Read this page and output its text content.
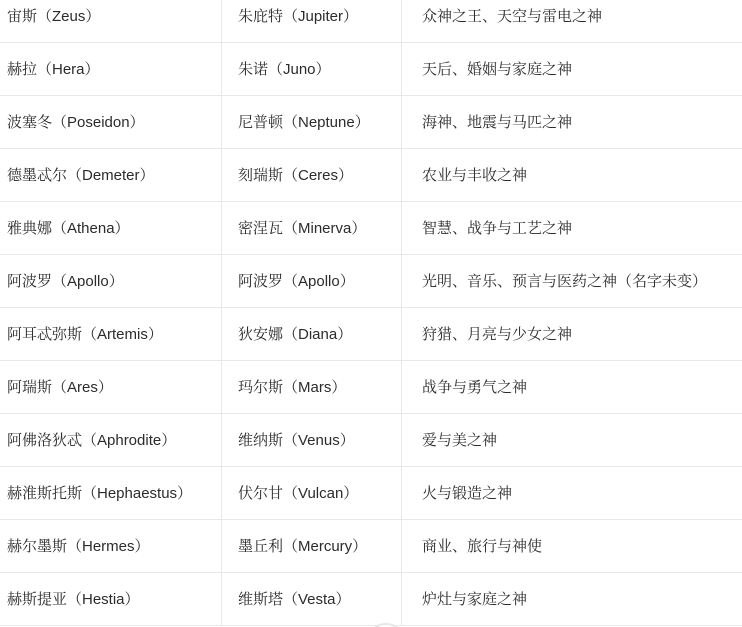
宙斯（Zeus）	朱庇特（Jupiter）	众神之王、天空与雷电之神
赫拉（Hera）	朱诺（Juno）	天后、婚姻与家庭之神
波塞冬（Poseidon）	尼普顿（Neptune）	海神、地震与马匹之神
德墨忒尔（Demeter）	刻瑞斯（Ceres）	农业与丰收之神
雅典娜（Athena）	密涅瓦（Minerva）	智慧、战争与工艺之神
阿波罗（Apollo）	阿波罗（Apollo）	光明、音乐、预言与医药之神（名字未变）
阿耳忒弥斯（Artemis）	狄安娜（Diana）	狩猎、月亮与少女之神
阿瑞斯（Ares）	玛尔斯（Mars）	战争与勇气之神
阿佛洛狄忒（Aphrodite）	维纳斯（Venus）	爱与美之神
赫淮斯托斯（Hephaestus）	伏尔甘（Vulcan）	火与锻造之神
赫尔墨斯（Hermes）	墨丘利（Mercury）	商业、旅行与神使
赫斯提亚（Hestia）	维斯塔（Vesta）	炉灶与家庭之神
